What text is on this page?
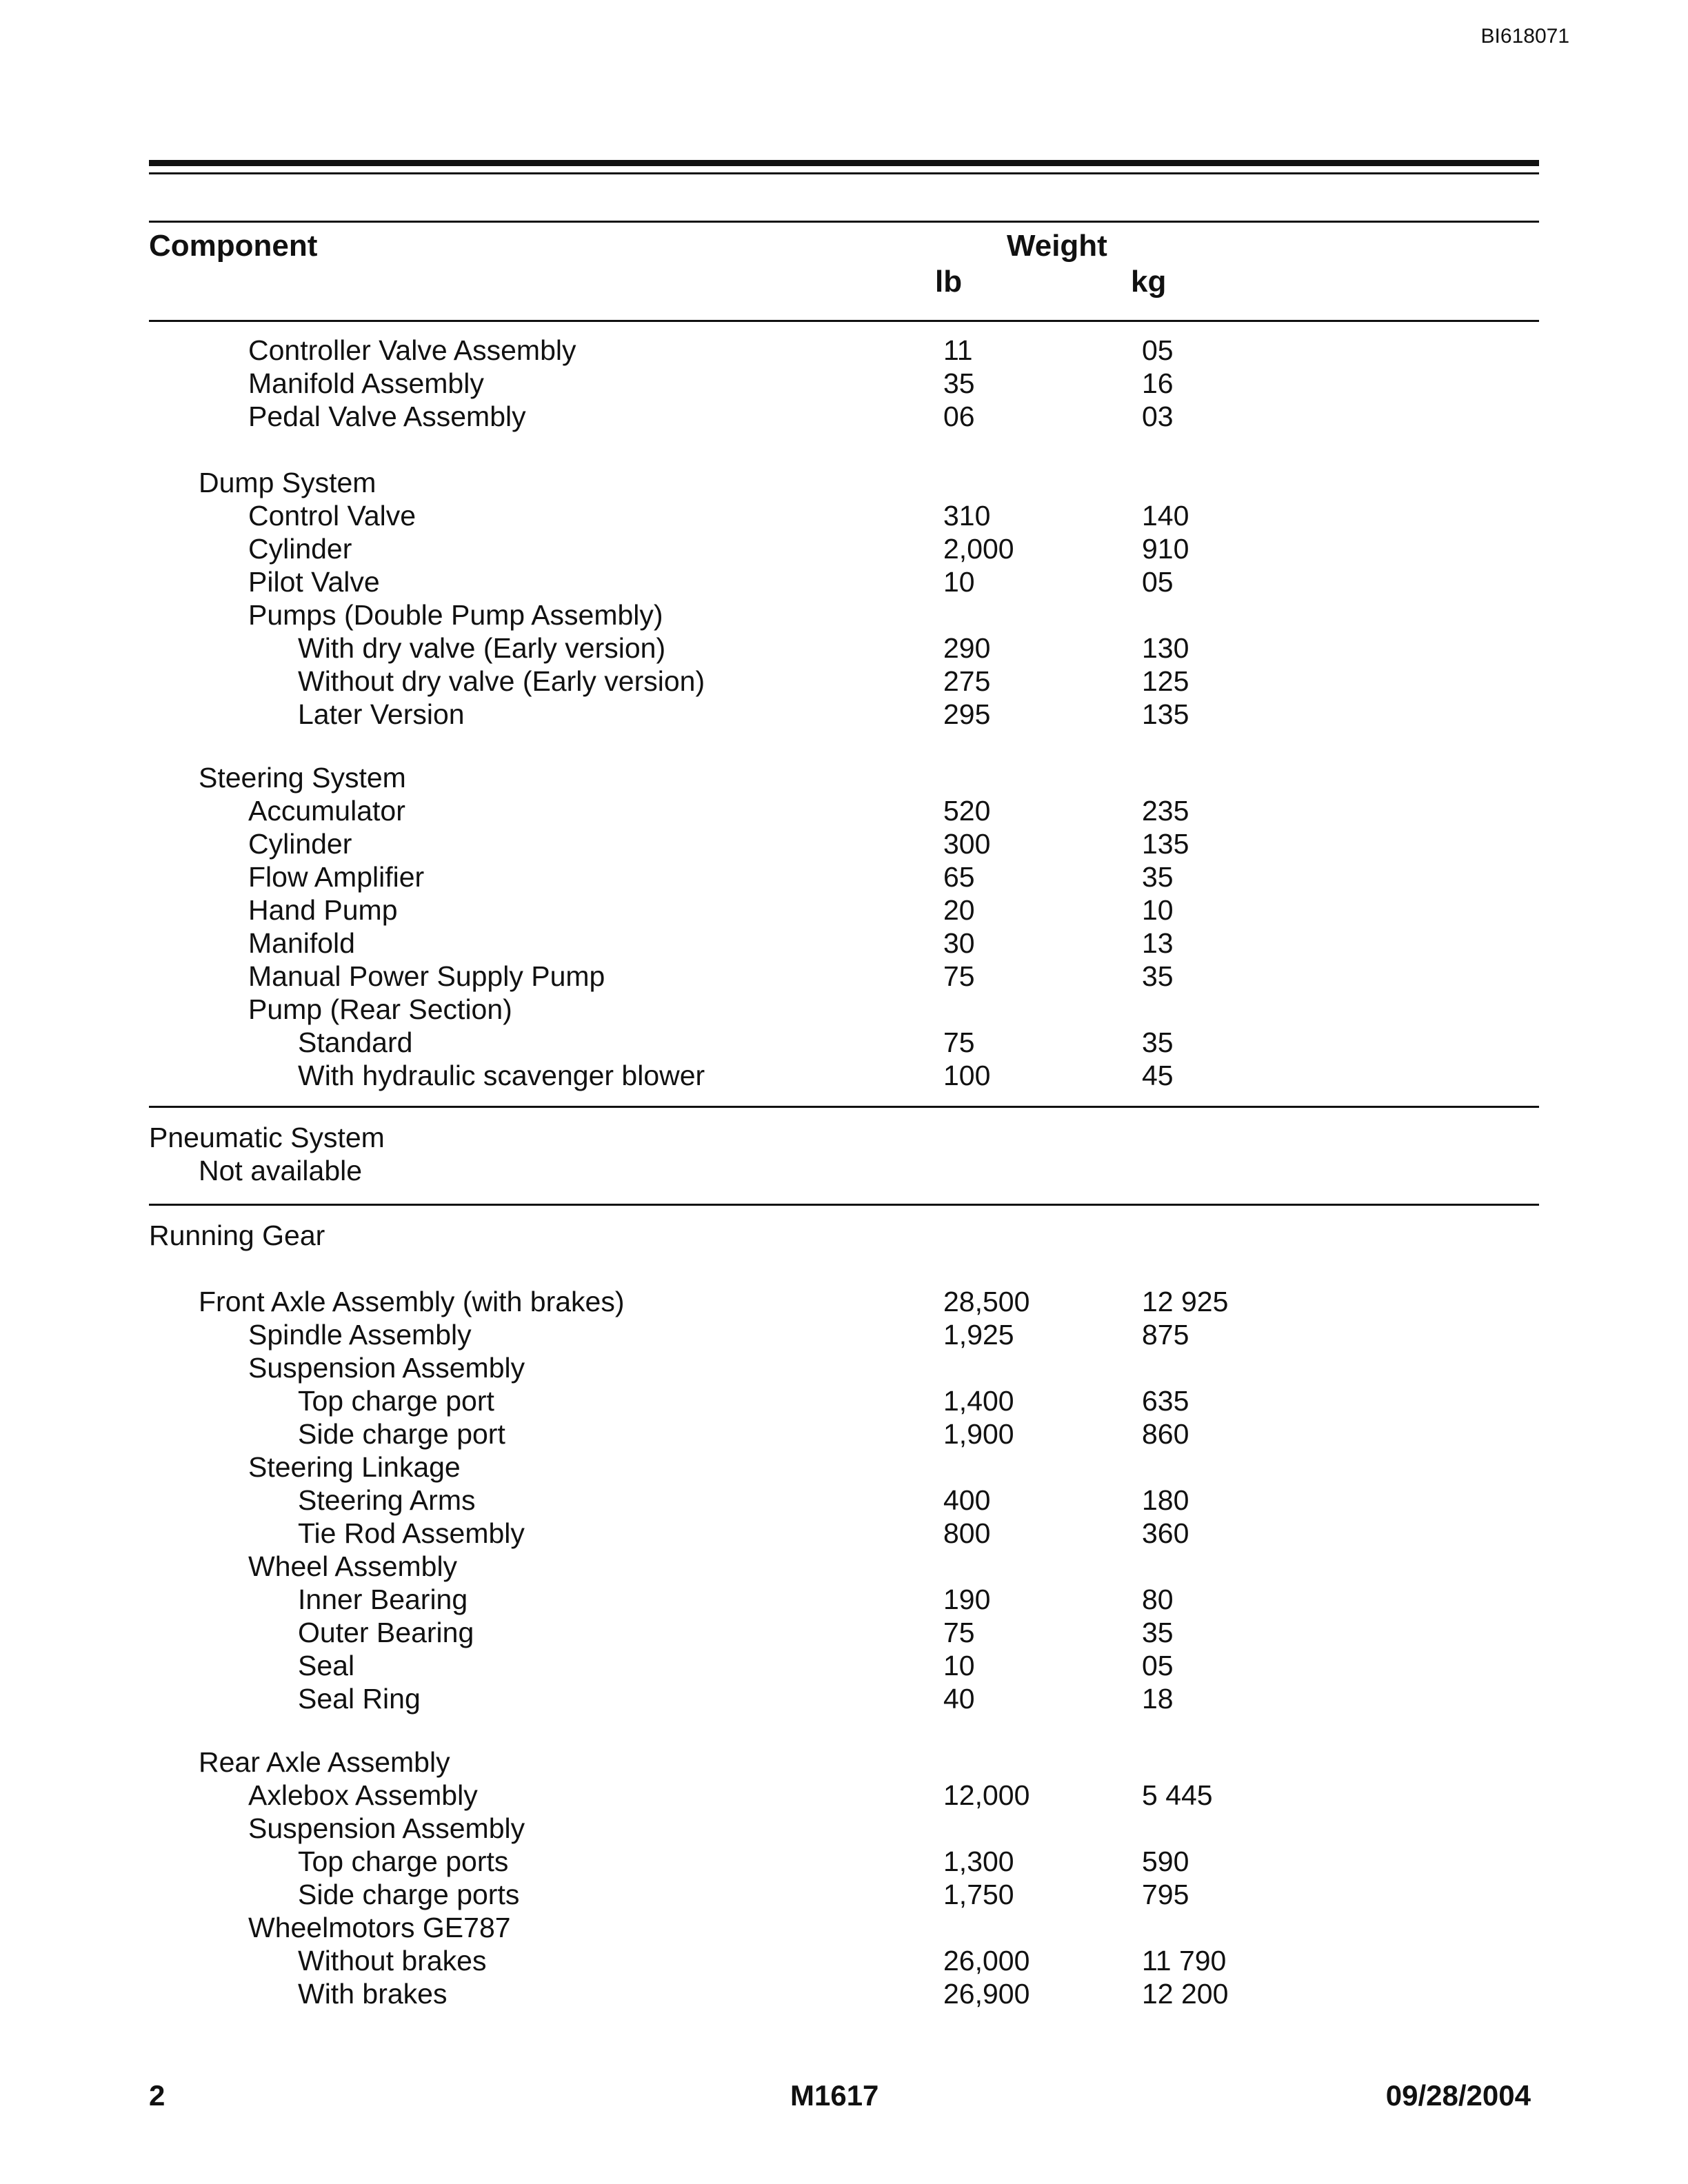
BI618071
Component	Weight
lb	kg
Controller Valve Assembly	11	05
Manifold Assembly	35	16
Pedal Valve Assembly	06	03
Dump System
Control Valve	310	140
Cylinder	2,000	910
Pilot Valve	10	05
Pumps (Double Pump Assembly)
With dry valve (Early version)	290	130
Without dry valve (Early version)	275	125
Later Version	295	135
Steering System
Accumulator	520	235
Cylinder	300	135
Flow Amplifier	65	35
Hand Pump	20	10
Manifold	30	13
Manual Power Supply Pump	75	35
Pump (Rear Section)
Standard	75	35
With hydraulic scavenger blower	100	45
Pneumatic System
Not available
Running Gear
Front Axle Assembly (with brakes)	28,500	12 925
Spindle Assembly	1,925	875
Suspension Assembly
Top charge port	1,400	635
Side charge port	1,900	860
Steering Linkage
Steering Arms	400	180
Tie Rod Assembly	800	360
Wheel Assembly
Inner Bearing	190	80
Outer Bearing	75	35
Seal	10	05
Seal Ring	40	18
Rear Axle Assembly
Axlebox Assembly	12,000	5 445
Suspension Assembly
Top charge ports	1,300	590
Side charge ports	1,750	795
Wheelmotors GE787
Without brakes	26,000	11 790
With brakes	26,900	12 200
2	M1617	09/28/2004
